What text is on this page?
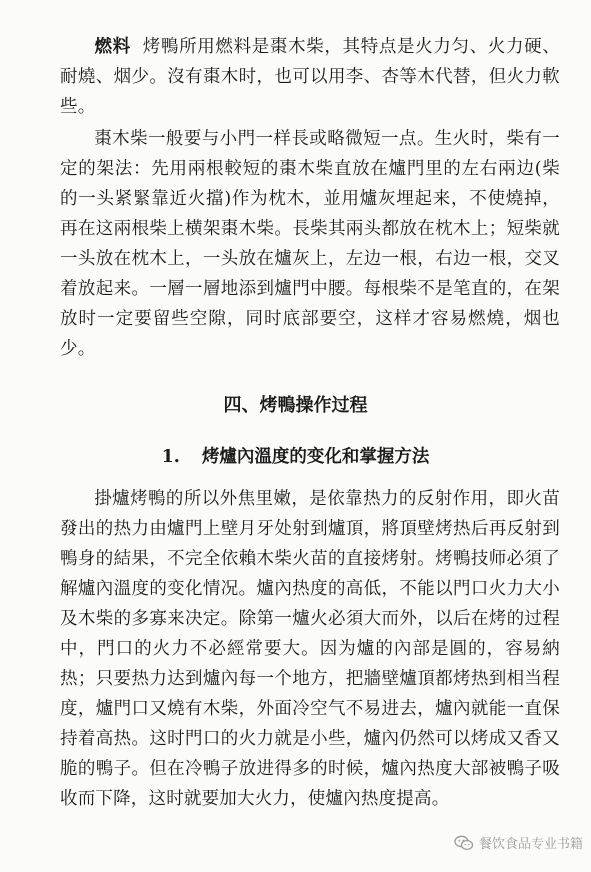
燃料 烤鴨所用燃料是棗木柴，其特点是火力匀、火力硬、耐燒、烟少。沒有棗木时，也可以用李、杏等木代替，但火力軟些。

棗木柴一般要与小門一样長或略微短一点。生火时，柴有一定的架法：先用兩根較短的棗木柴直放在爐門里的左右兩边(柴的一头紧緊靠近火擋)作为枕木，並用爐灰埋起来，不使燒掉，再在这兩根柴上横架棗木柴。長柴其兩头都放在枕木上；短柴就一头放在枕木上，一头放在爐灰上，左边一根，右边一根，交叉着放起来。一層一層地添到爐門中腰。每根柴不是笔直的，在架放时一定要留些空隙，同时底部要空，这样才容易燃燒，烟也少。

四、烤鴨操作过程
1. 烤爐內溫度的变化和掌握方法

掛爐烤鴨的所以外焦里嫩，是依靠热力的反射作用，即火苗發出的热力由爐門上壁月牙处射到爐頂，將頂壁烤热后再反射到鴨身的結果，不完全依賴木柴火苗的直接烤射。烤鴨技师必須了解爐內溫度的变化情况。爐內热度的高低，不能以門口火力大小及木柴的多寡来决定。除第一爐火必須大而外，以后在烤的过程中，門口的火力不必經常要大。因为爐的內部是圓的，容易納热；只要热力达到爐內每一个地方，把牆壁爐頂都烤热到相当程度，爐門口又燒有木柴，外面冷空气不易进去，爐內就能一直保持着高热。这时門口的火力就是小些，爐內仍然可以烤成又香又脆的鴨子。但在冷鴨子放进得多的时候，爐內热度大部被鴨子吸收而下降，这时就要加大火力，使爐內热度提高。

餐饮食品专业书籍
